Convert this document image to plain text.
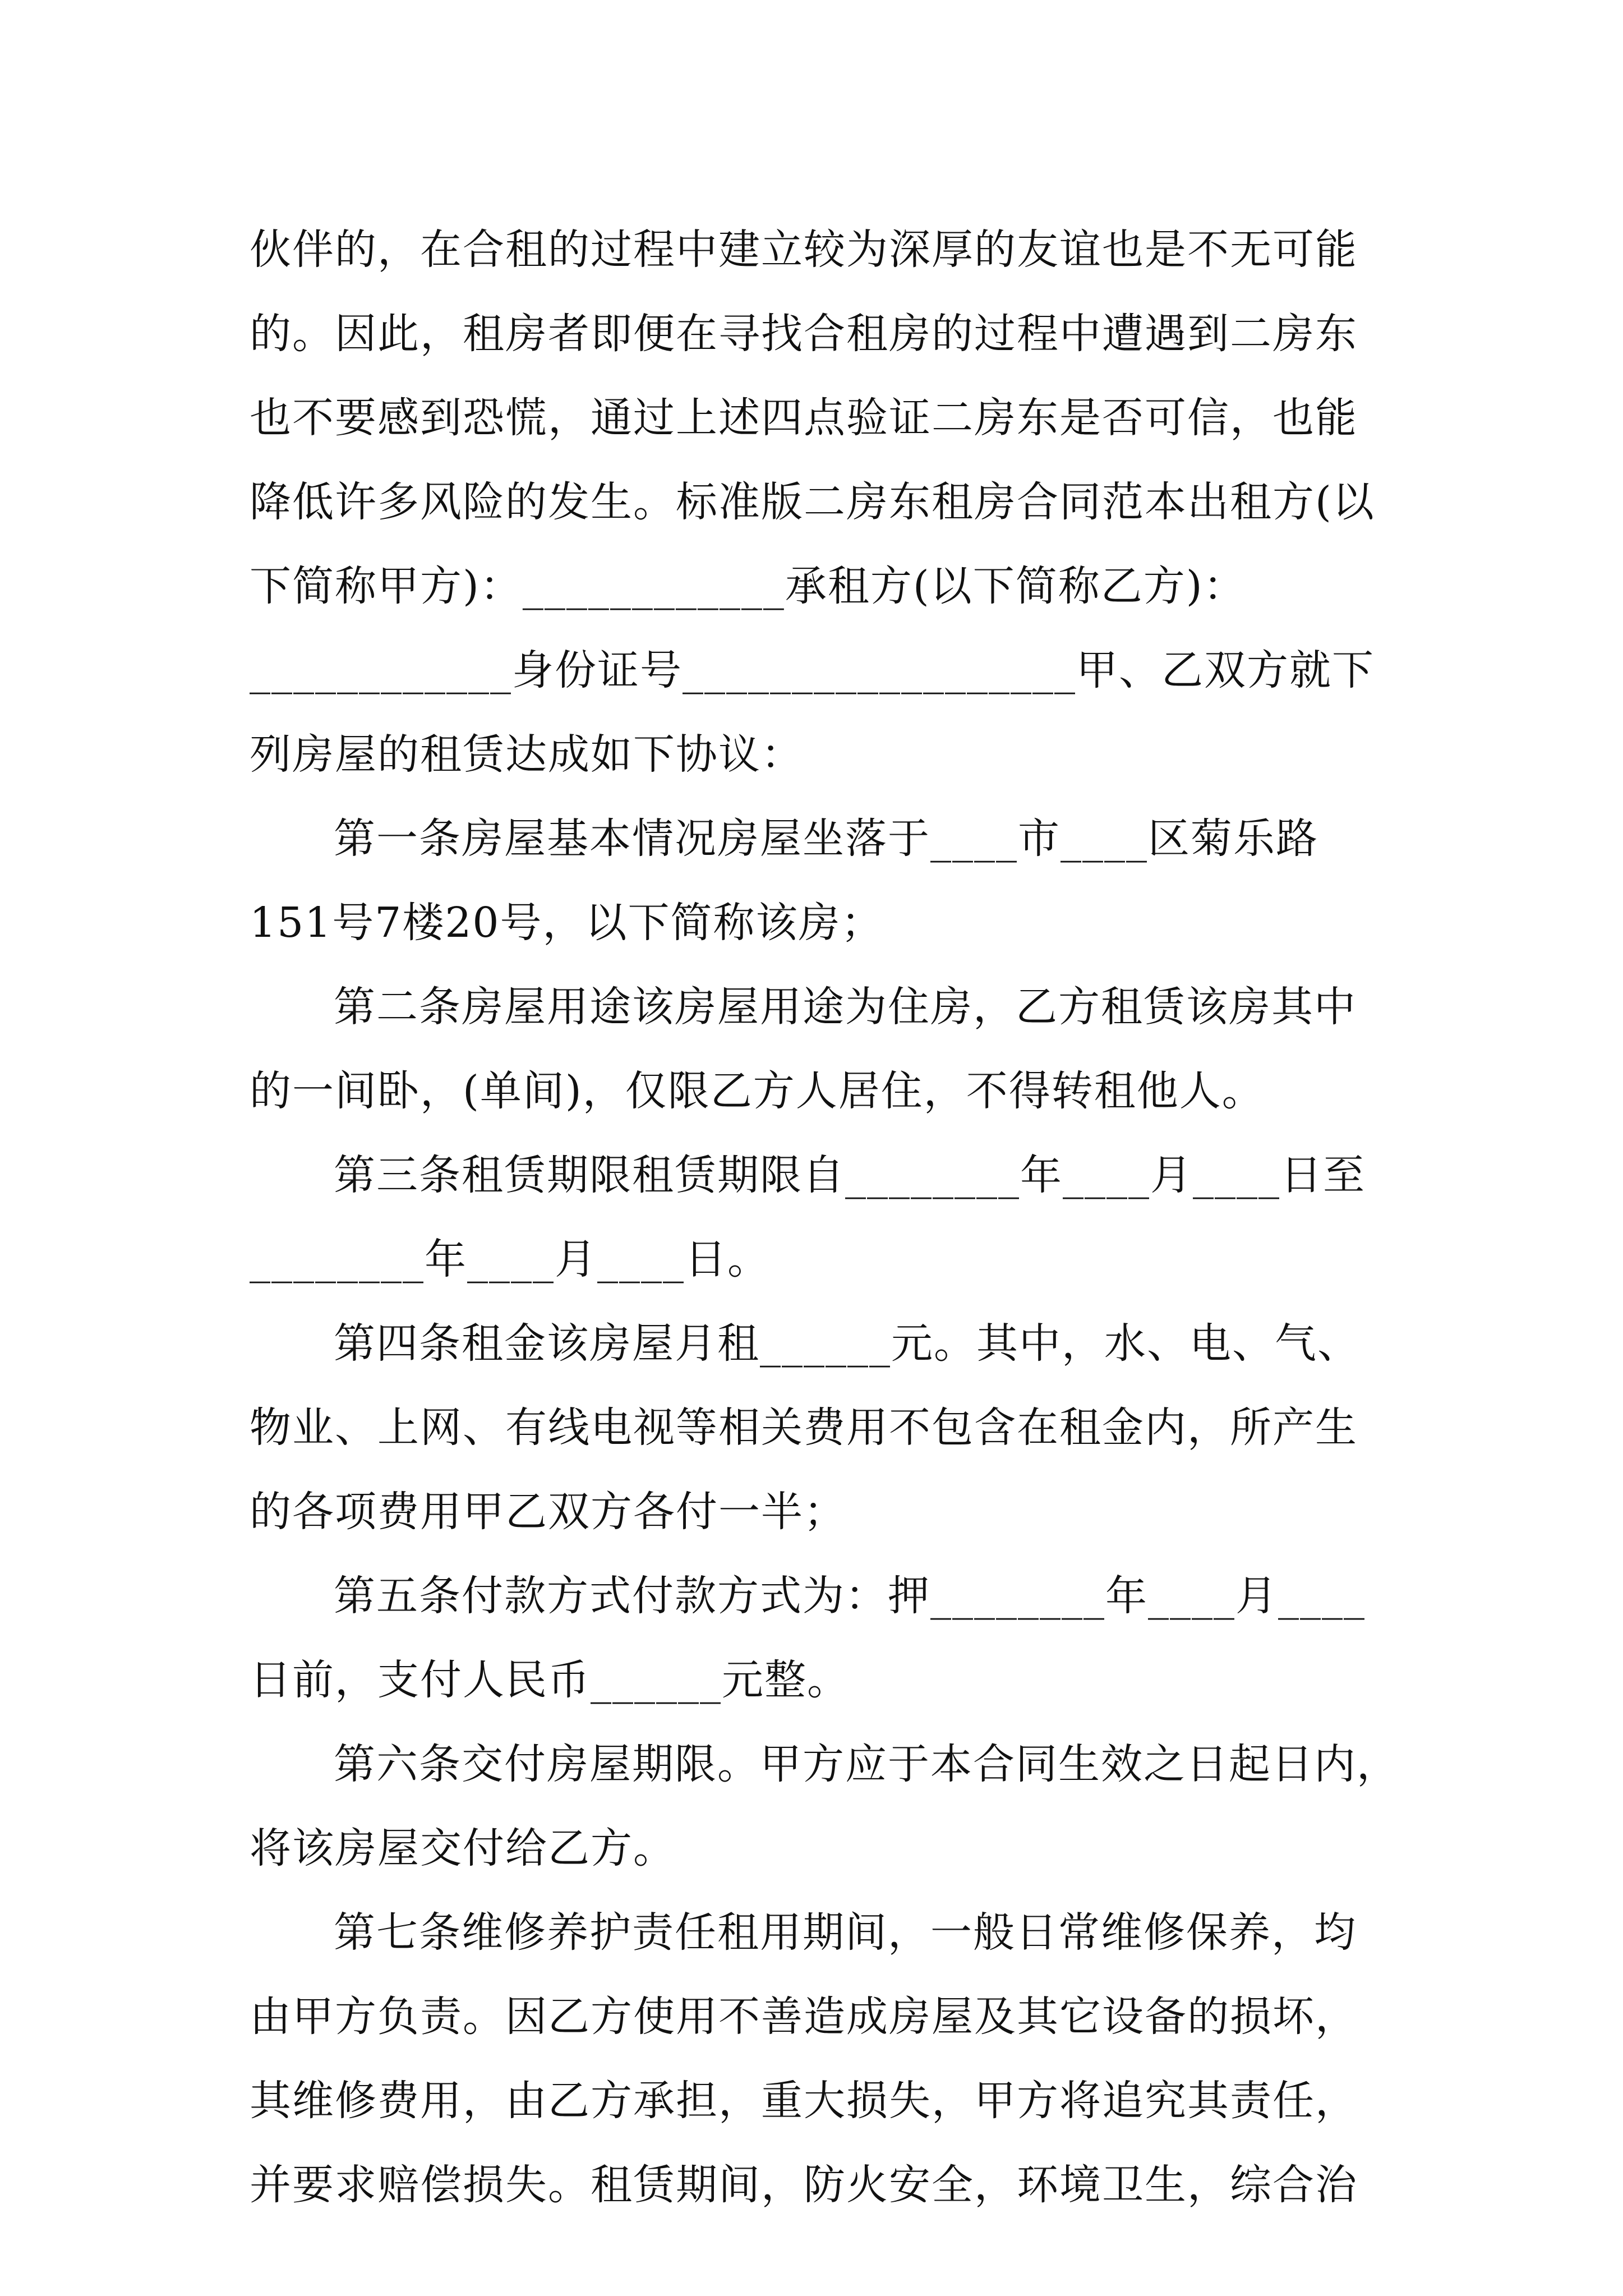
伙伴的，在合租的过程中建立较为深厚的友谊也是不无可能
的。因此，租房者即便在寻找合租房的过程中遭遇到二房东
也不要感到恐慌，通过上述四点验证二房东是否可信，也能
降低许多风险的发生。标准版二房东租房合同范本出租方(以
下简称甲方)：____________承租方(以下简称乙方)：
____________身份证号__________________甲、乙双方就下
列房屋的租赁达成如下协议：
第一条房屋基本情况房屋坐落于____市____区菊乐路
151号7楼20号，以下简称该房；
第二条房屋用途该房屋用途为住房，乙方租赁该房其中
的一间卧，(单间)，仅限乙方人居住，不得转租他人。
第三条租赁期限租赁期限自________年____月____日至
________年____月____日。
第四条租金该房屋月租______元。其中，水、电、气、
物业、上网、有线电视等相关费用不包含在租金内，所产生
的各项费用甲乙双方各付一半；
第五条付款方式付款方式为：押________年____月____
日前，支付人民币______元整。
第六条交付房屋期限。甲方应于本合同生效之日起日内，
将该房屋交付给乙方。
第七条维修养护责任租用期间，一般日常维修保养，均
由甲方负责。因乙方使用不善造成房屋及其它设备的损坏，
其维修费用，由乙方承担，重大损失，甲方将追究其责任，
并要求赔偿损失。租赁期间，防火安全，环境卫生，综合治
